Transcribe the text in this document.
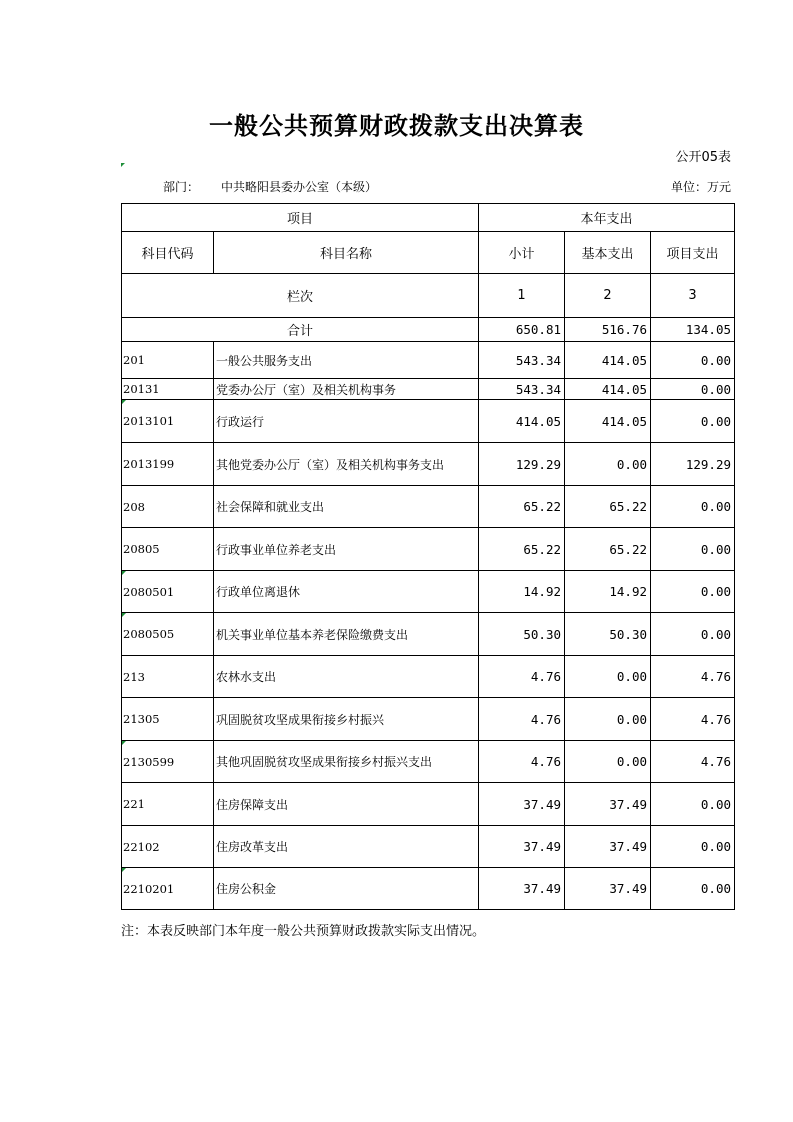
一般公共预算财政拨款支出决算表
公开05表
部门： 中共略阳县委办公室（本级）	单位：万元
项目		本年支出		
科目代码	科目名称	小计	基本支出	项目支出
栏次		1	2	3
合计		650.81	516.76	134.05
201	一般公共服务支出	543.34	414.05	0.00
20131	党委办公厅（室）及相关机构事务	543.34	414.05	0.00

2013101	行政运行	414.05	414.05	0.00
2013199	其他党委办公厅（室）及相关机构事务支出	129.29	0.00	129.29
208	社会保障和就业支出	65.22	65.22	0.00
20805	行政事业单位养老支出	65.22	65.22	0.00

2080501	行政单位离退休	14.92	14.92	0.00

2080505	机关事业单位基本养老保险缴费支出	50.30	50.30	0.00
213	农林水支出	4.76	0.00	4.76
21305	巩固脱贫攻坚成果衔接乡村振兴	4.76	0.00	4.76

2130599	其他巩固脱贫攻坚成果衔接乡村振兴支出	4.76	0.00	4.76
221	住房保障支出	37.49	37.49	0.00
22102	住房改革支出	37.49	37.49	0.00

2210201	住房公积金	37.49	37.49	0.00
注：本表反映部门本年度一般公共预算财政拨款实际支出情况。
